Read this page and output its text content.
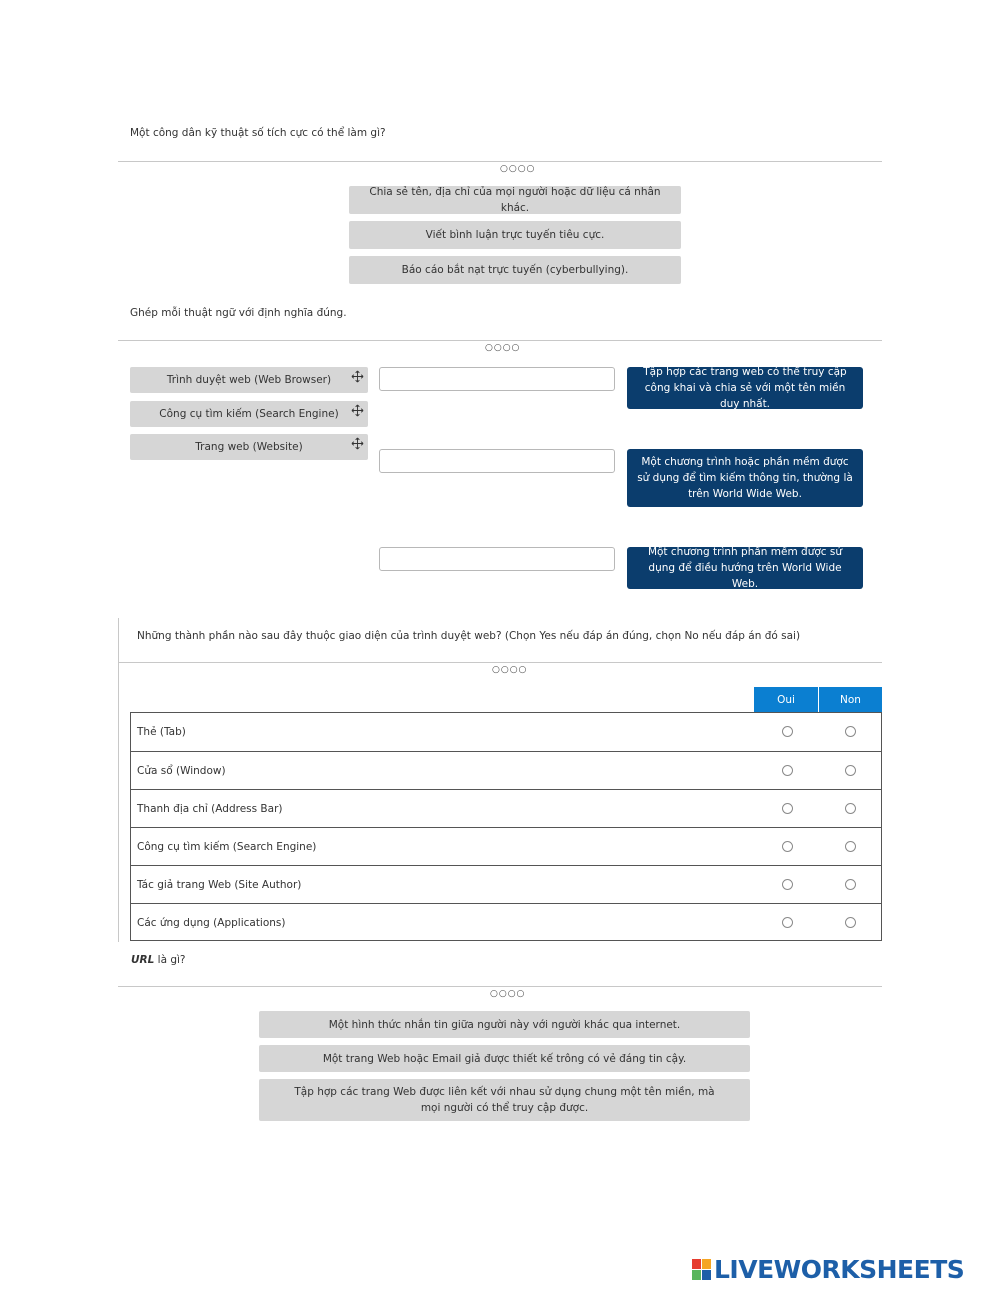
Một công dân kỹ thuật số tích cực có thể làm gì?
○○○○
Chia sẻ tên, địa chỉ của mọi người hoặc dữ liệu cá nhân khác.
Viết bình luận trực tuyến tiêu cực.
Báo cáo bắt nạt trực tuyến (cyberbullying).
Ghép mỗi thuật ngữ với định nghĩa đúng.
○○○○
Trình duyệt web (Web Browser)
Công cụ tìm kiếm (Search Engine)
Trang web (Website)
Tập hợp các trang web có thể truy cập công khai và chia sẻ với một tên miền duy nhất.
Một chương trình hoặc phần mềm được sử dụng để tìm kiếm thông tin, thường là trên World Wide Web.
Một chương trình phần mềm được sử dụng để điều hướng trên World Wide Web.
Những thành phần nào sau đây thuộc giao diện của trình duyệt web? (Chọn Yes nếu đáp án đúng, chọn No nếu đáp án đó sai)
○○○○
Oui	Non
Thẻ (Tab)
Cửa sổ (Window)
Thanh địa chỉ (Address Bar)
Công cụ tìm kiếm (Search Engine)
Tác giả trang Web (Site Author)
Các ứng dụng (Applications)
URL là gì?
○○○○
Một hình thức nhắn tin giữa người này với người khác qua internet.
Một trang Web hoặc Email giả được thiết kế trông có vẻ đáng tin cậy.
Tập hợp các trang Web được liên kết với nhau sử dụng chung một tên miền, mà mọi người có thể truy cập được.
LIVEWORKSHEETS
